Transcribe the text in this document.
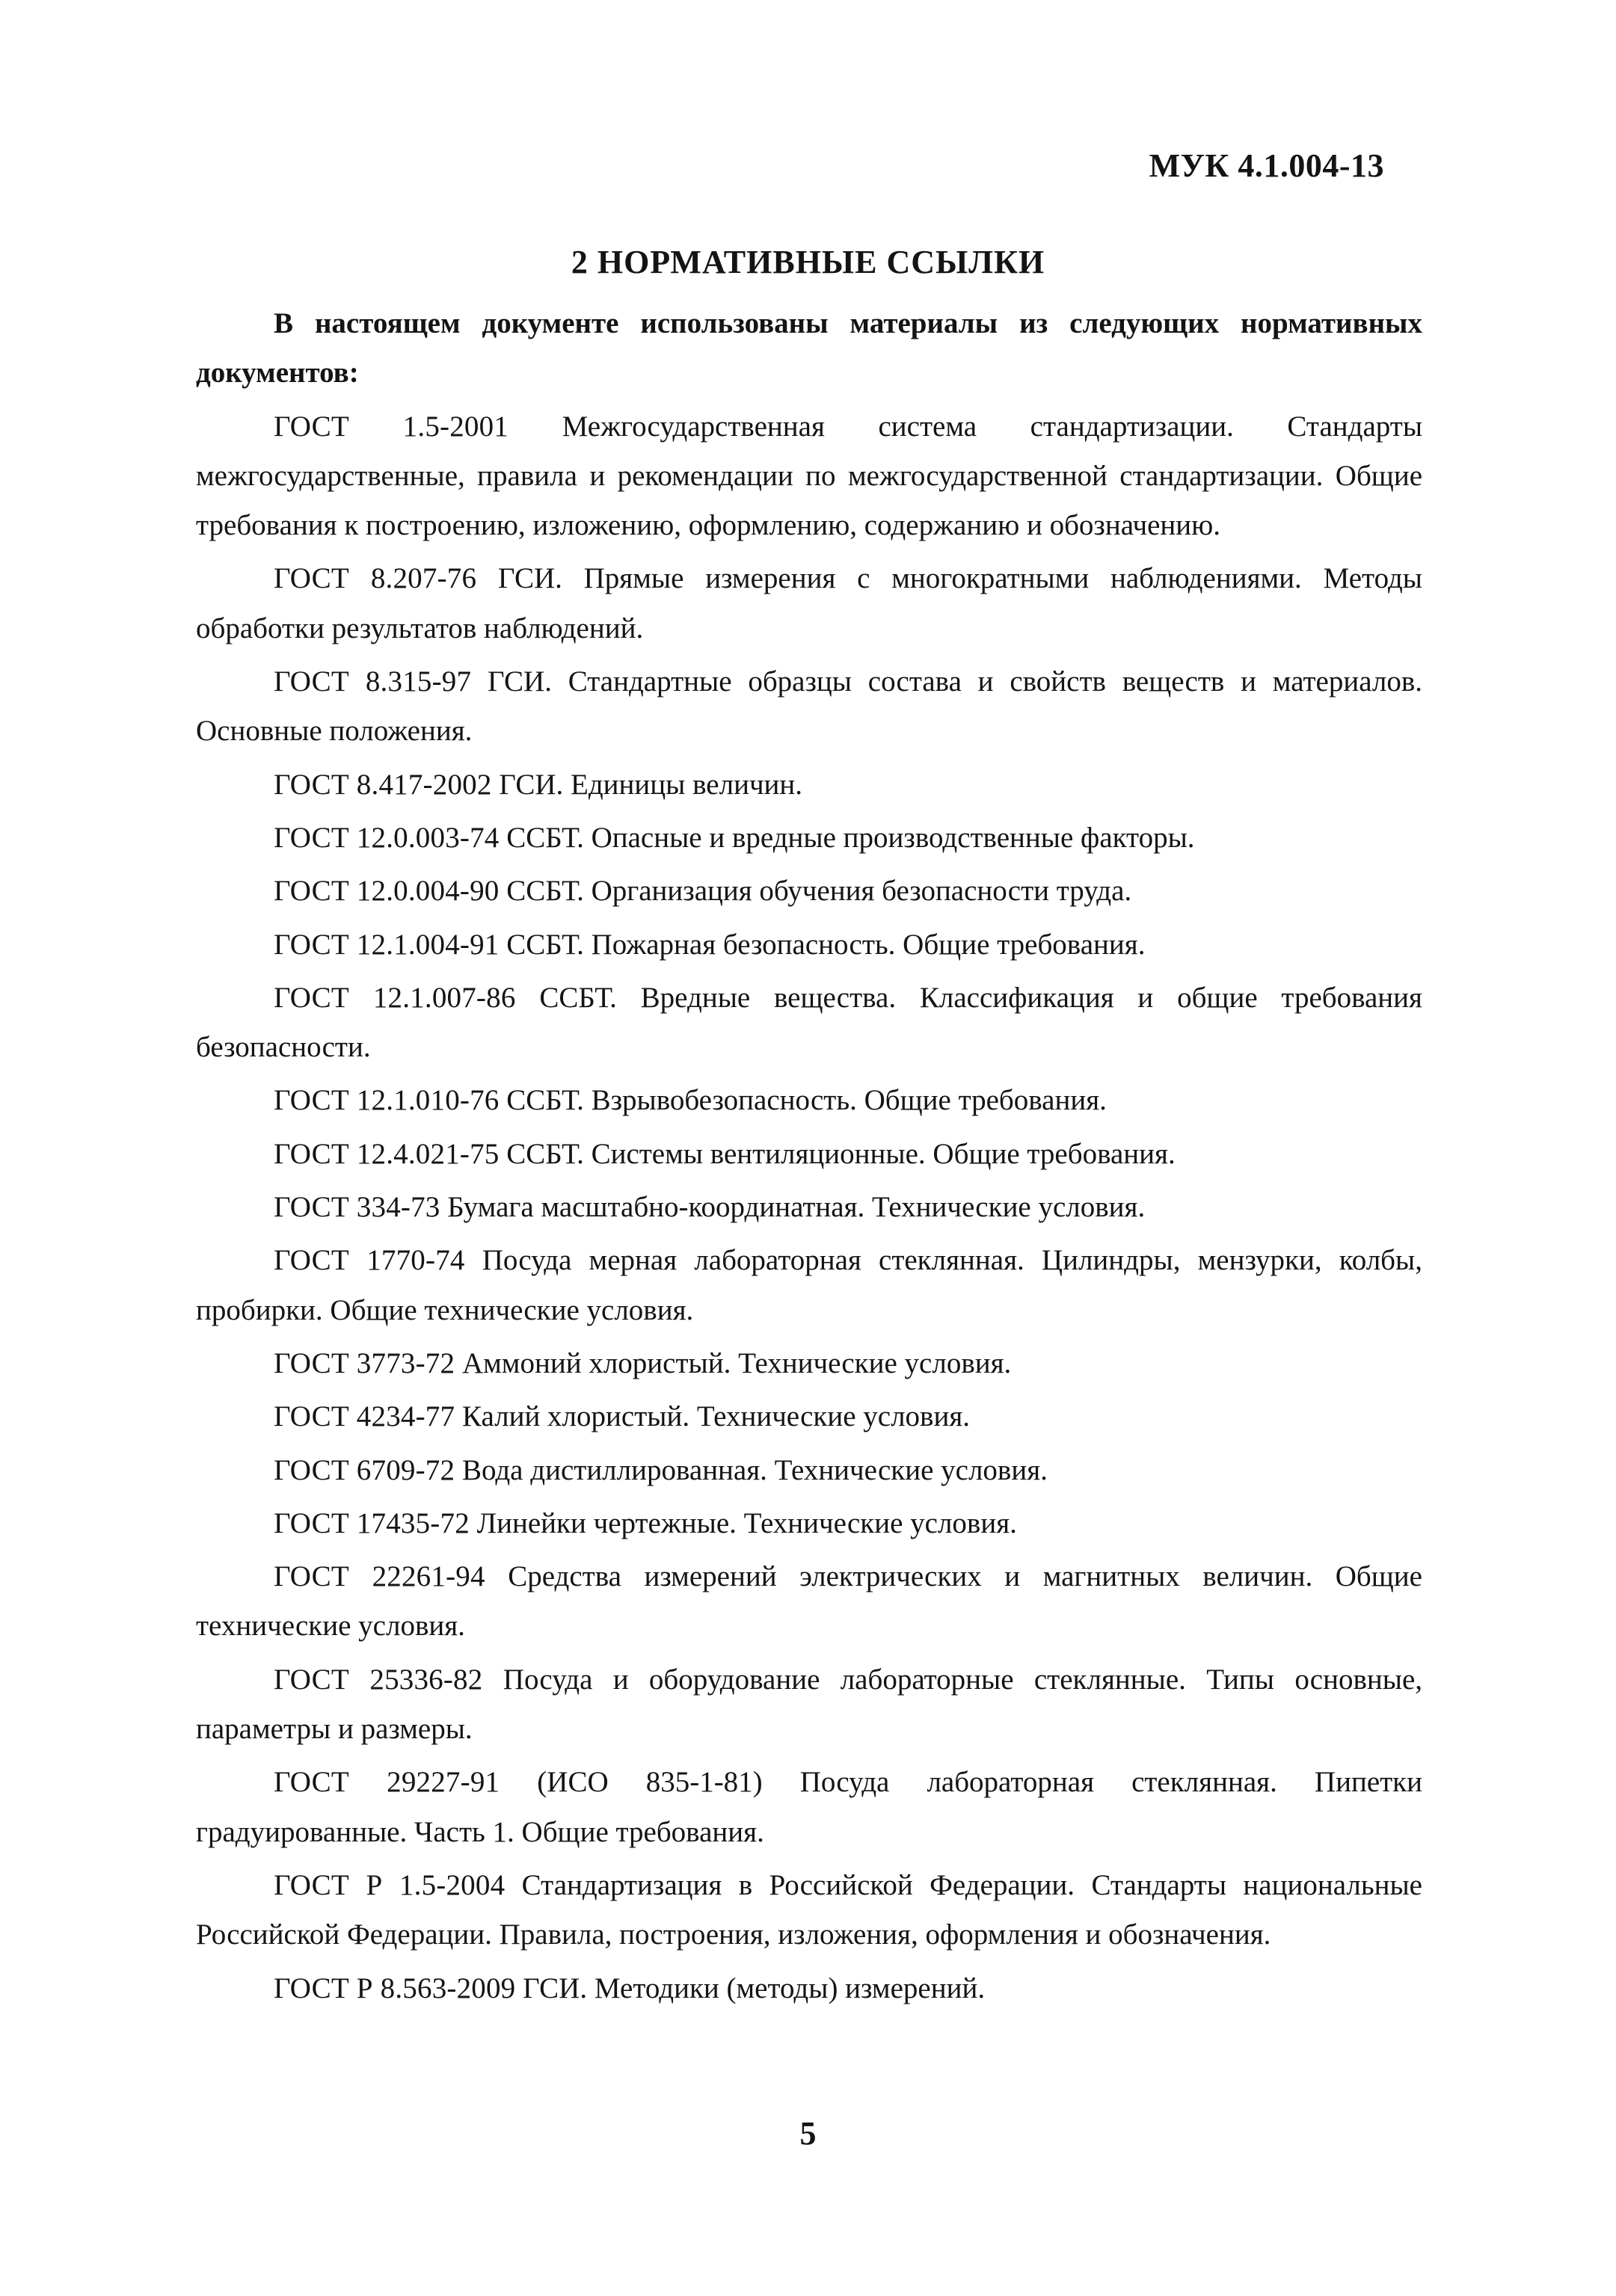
МУК 4.1.004-13
2 НОРМАТИВНЫЕ ССЫЛКИ

В настоящем документе использованы материалы из следующих нормативных документов:

ГОСТ 1.5-2001 Межгосударственная система стандартизации. Стандарты межгосударственные, правила и рекомендации по межгосударственной стандартизации. Общие требования к построению, изложению, оформлению, содержанию и обозначению.

ГОСТ 8.207-76 ГСИ. Прямые измерения с многократными наблюдениями. Методы обработки результатов наблюдений.

ГОСТ 8.315-97 ГСИ. Стандартные образцы состава и свойств веществ и материалов. Основные положения.

ГОСТ 8.417-2002 ГСИ. Единицы величин.

ГОСТ 12.0.003-74 ССБТ. Опасные и вредные производственные факторы.

ГОСТ 12.0.004-90 ССБТ. Организация обучения безопасности труда.

ГОСТ 12.1.004-91 ССБТ. Пожарная безопасность. Общие требования.

ГОСТ 12.1.007-86 ССБТ. Вредные вещества. Классификация и общие требования безопасности.

ГОСТ 12.1.010-76 ССБТ. Взрывобезопасность. Общие требования.

ГОСТ 12.4.021-75 ССБТ. Системы вентиляционные. Общие требования.

ГОСТ 334-73 Бумага масштабно-координатная. Технические условия.

ГОСТ 1770-74 Посуда мерная лабораторная стеклянная. Цилиндры, мензурки, колбы, пробирки. Общие технические условия.

ГОСТ 3773-72 Аммоний хлористый. Технические условия.

ГОСТ 4234-77 Калий хлористый. Технические условия.

ГОСТ 6709-72 Вода дистиллированная. Технические условия.

ГОСТ 17435-72 Линейки чертежные. Технические условия.

ГОСТ 22261-94 Средства измерений электрических и магнитных величин. Общие технические условия.

ГОСТ 25336-82 Посуда и оборудование лабораторные стеклянные. Типы основные, параметры и размеры.

ГОСТ 29227-91 (ИСО 835-1-81) Посуда лабораторная стеклянная. Пипетки градуированные. Часть 1. Общие требования.

ГОСТ Р 1.5-2004 Стандартизация в Российской Федерации. Стандарты национальные Российской Федерации. Правила, построения, изложения, оформления и обозначения.

ГОСТ Р 8.563-2009 ГСИ. Методики (методы) измерений.

5
